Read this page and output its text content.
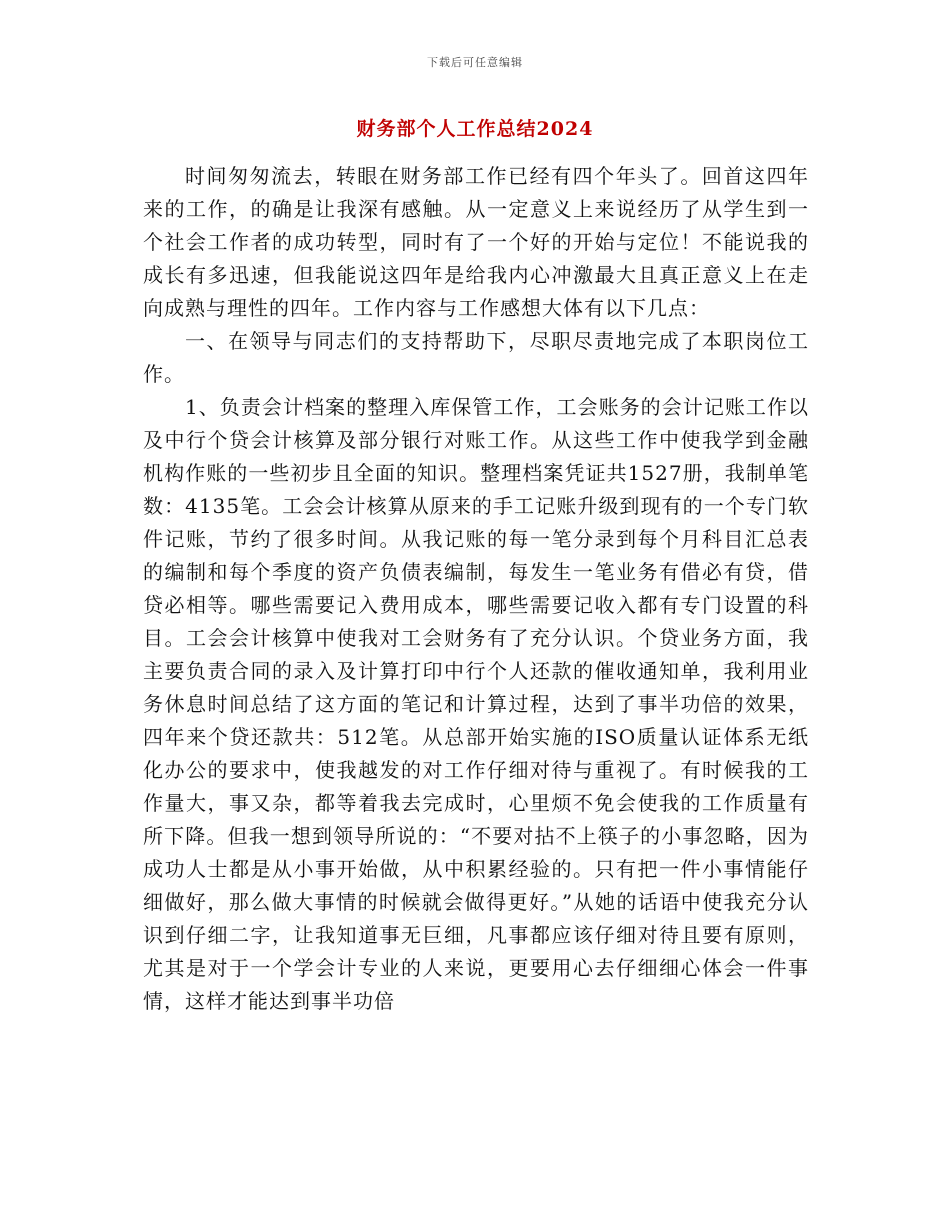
下载后可任意编辑
财务部个人工作总结2024

时间匆匆流去，转眼在财务部工作已经有四个年头了。回首这四年来的工作，的确是让我深有感触。从一定意义上来说经历了从学生到一个社会工作者的成功转型，同时有了一个好的开始与定位！不能说我的成长有多迅速，但我能说这四年是给我内心冲激最大且真正意义上在走向成熟与理性的四年。工作内容与工作感想大体有以下几点：

一、在领导与同志们的支持帮助下，尽职尽责地完成了本职岗位工作。

1、负责会计档案的整理入库保管工作，工会账务的会计记账工作以及中行个贷会计核算及部分银行对账工作。从这些工作中使我学到金融机构作账的一些初步且全面的知识。整理档案凭证共1527册，我制单笔数：4135笔。工会会计核算从原来的手工记账升级到现有的一个专门软件记账，节约了很多时间。从我记账的每一笔分录到每个月科目汇总表的编制和每个季度的资产负债表编制，每发生一笔业务有借必有贷，借贷必相等。哪些需要记入费用成本，哪些需要记收入都有专门设置的科目。工会会计核算中使我对工会财务有了充分认识。个贷业务方面，我主要负责合同的录入及计算打印中行个人还款的催收通知单，我利用业务休息时间总结了这方面的笔记和计算过程，达到了事半功倍的效果，四年来个贷还款共：512笔。从总部开始实施的ISO质量认证体系无纸化办公的要求中，使我越发的对工作仔细对待与重视了。有时候我的工作量大，事又杂，都等着我去完成时，心里烦不免会使我的工作质量有所下降。但我一想到领导所说的：“不要对拈不上筷子的小事忽略，因为成功人士都是从小事开始做，从中积累经验的。只有把一件小事情能仔细做好，那么做大事情的时候就会做得更好。”从她的话语中使我充分认识到仔细二字，让我知道事无巨细，凡事都应该仔细对待且要有原则，尤其是对于一个学会计专业的人来说，更要用心去仔细细心体会一件事情，这样才能达到事半功倍
